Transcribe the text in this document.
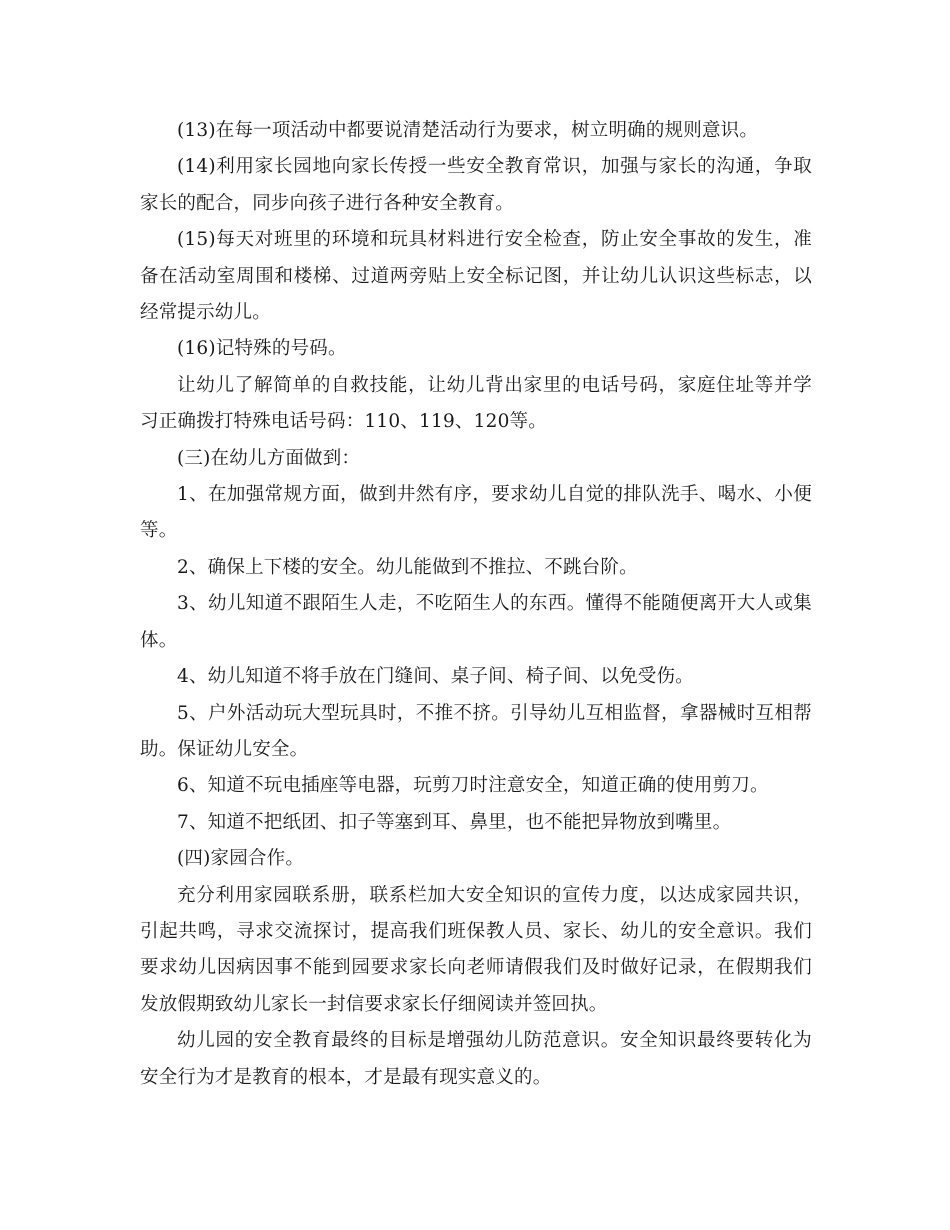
(13)在每一项活动中都要说清楚活动行为要求，树立明确的规则意识。

(14)利用家长园地向家长传授一些安全教育常识，加强与家长的沟通，争取家长的配合，同步向孩子进行各种安全教育。

(15)每天对班里的环境和玩具材料进行安全检查，防止安全事故的发生，准备在活动室周围和楼梯、过道两旁贴上安全标记图，并让幼儿认识这些标志，以经常提示幼儿。

(16)记特殊的号码。

让幼儿了解简单的自救技能，让幼儿背出家里的电话号码，家庭住址等并学习正确拨打特殊电话号码：110、119、120等。

(三)在幼儿方面做到：

1、在加强常规方面，做到井然有序，要求幼儿自觉的排队洗手、喝水、小便等。

2、确保上下楼的安全。幼儿能做到不推拉、不跳台阶。

3、幼儿知道不跟陌生人走，不吃陌生人的东西。懂得不能随便离开大人或集体。

4、幼儿知道不将手放在门缝间、桌子间、椅子间、以免受伤。

5、户外活动玩大型玩具时，不推不挤。引导幼儿互相监督，拿器械时互相帮助。保证幼儿安全。

6、知道不玩电插座等电器，玩剪刀时注意安全，知道正确的使用剪刀。

7、知道不把纸团、扣子等塞到耳、鼻里，也不能把异物放到嘴里。

(四)家园合作。

充分利用家园联系册，联系栏加大安全知识的宣传力度，以达成家园共识，引起共鸣，寻求交流探讨，提高我们班保教人员、家长、幼儿的安全意识。我们要求幼儿因病因事不能到园要求家长向老师请假我们及时做好记录，在假期我们发放假期致幼儿家长一封信要求家长仔细阅读并签回执。

幼儿园的安全教育最终的目标是增强幼儿防范意识。安全知识最终要转化为安全行为才是教育的根本，才是最有现实意义的。
